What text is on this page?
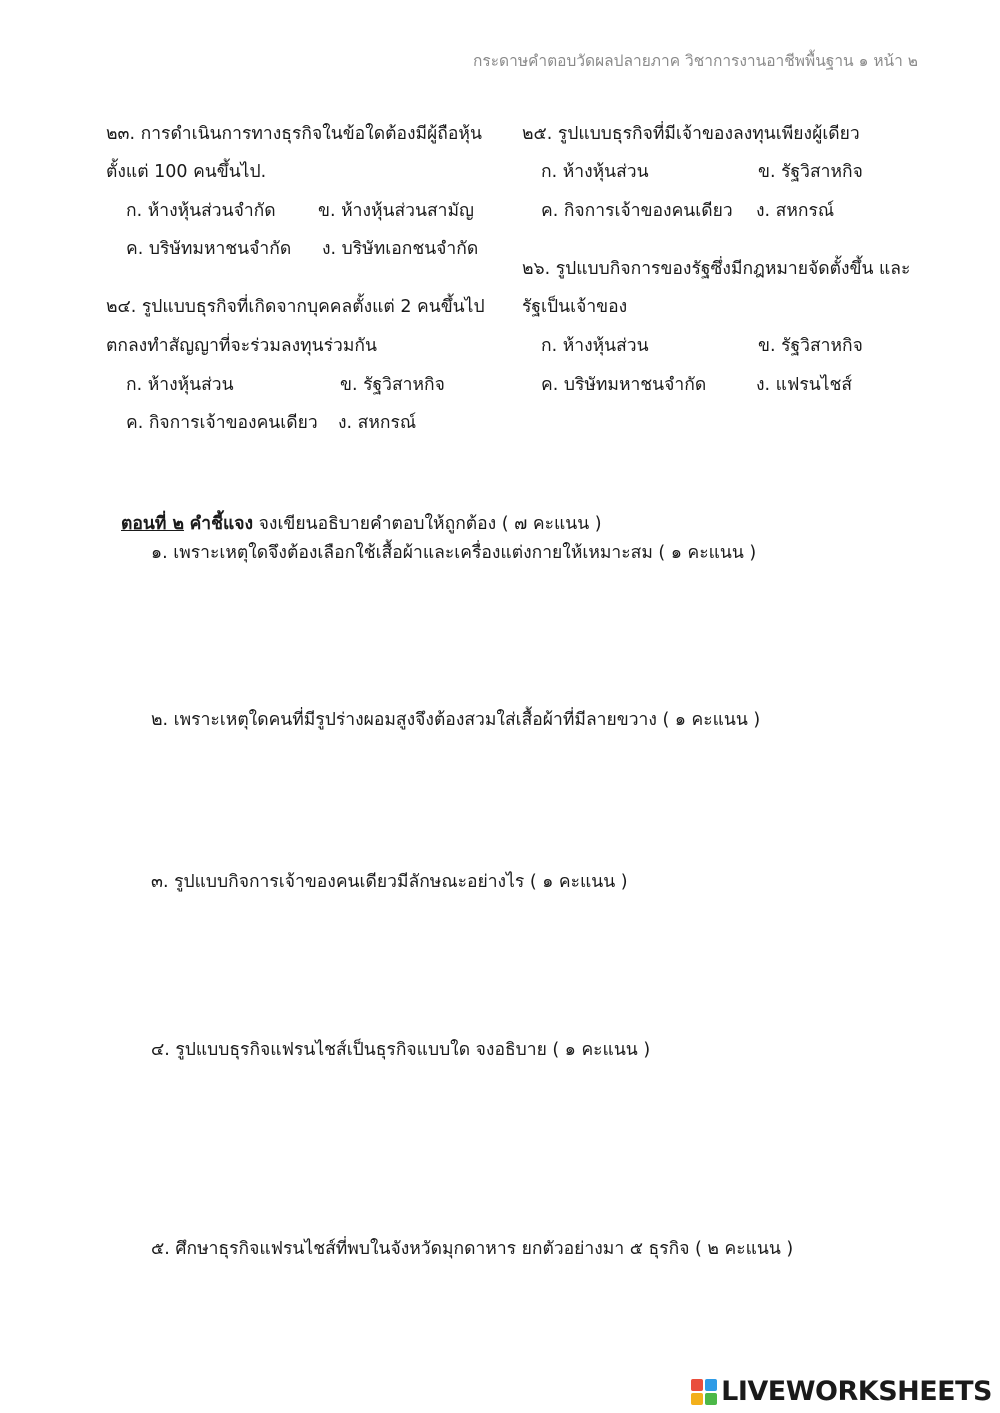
กระดาษคำตอบวัดผลปลายภาค วิชาการงานอาชีพพื้นฐาน ๑ หน้า ๒
๒๓. การดำเนินการทางธุรกิจในข้อใดต้องมีผู้ถือหุ้น
ตั้งแต่ 100 คนขึ้นไป.
ก. ห้างหุ้นส่วนจำกัด ข. ห้างหุ้นส่วนสามัญ
ค. บริษัทมหาชนจำกัด ง. บริษัทเอกชนจำกัด
๒๔. รูปแบบธุรกิจที่เกิดจากบุคคลตั้งแต่ 2 คนขึ้นไป
ตกลงทำสัญญาที่จะร่วมลงทุนร่วมกัน
ก. ห้างหุ้นส่วน	ข. รัฐวิสาหกิจ
ค. กิจการเจ้าของคนเดียว ง. สหกรณ์
๒๕. รูปแบบธุรกิจที่มีเจ้าของลงทุนเพียงผู้เดียว
ก. ห้างหุ้นส่วน	ข. รัฐวิสาหกิจ
ค. กิจการเจ้าของคนเดียว ง. สหกรณ์
๒๖. รูปแบบกิจการของรัฐซึ่งมีกฎหมายจัดตั้งขึ้น และ
รัฐเป็นเจ้าของ
ก. ห้างหุ้นส่วน	ข. รัฐวิสาหกิจ
ค. บริษัทมหาชนจำกัด	ง. แฟรนไชส์
ตอนที่ ๒ คำชี้แจง จงเขียนอธิบายคำตอบให้ถูกต้อง ( ๗ คะแนน )
๑. เพราะเหตุใดจึงต้องเลือกใช้เสื้อผ้าและเครื่องแต่งกายให้เหมาะสม ( ๑ คะแนน )
๒. เพราะเหตุใดคนที่มีรูปร่างผอมสูงจึงต้องสวมใส่เสื้อผ้าที่มีลายขวาง ( ๑ คะแนน )
๓. รูปแบบกิจการเจ้าของคนเดียวมีลักษณะอย่างไร ( ๑ คะแนน )
๔. รูปแบบธุรกิจแฟรนไชส์เป็นธุรกิจแบบใด จงอธิบาย ( ๑ คะแนน )
๕. ศึกษาธุรกิจแฟรนไชส์ที่พบในจังหวัดมุกดาหาร ยกตัวอย่างมา ๕ ธุรกิจ ( ๒ คะแนน )
LIVEWORKSHEETS
